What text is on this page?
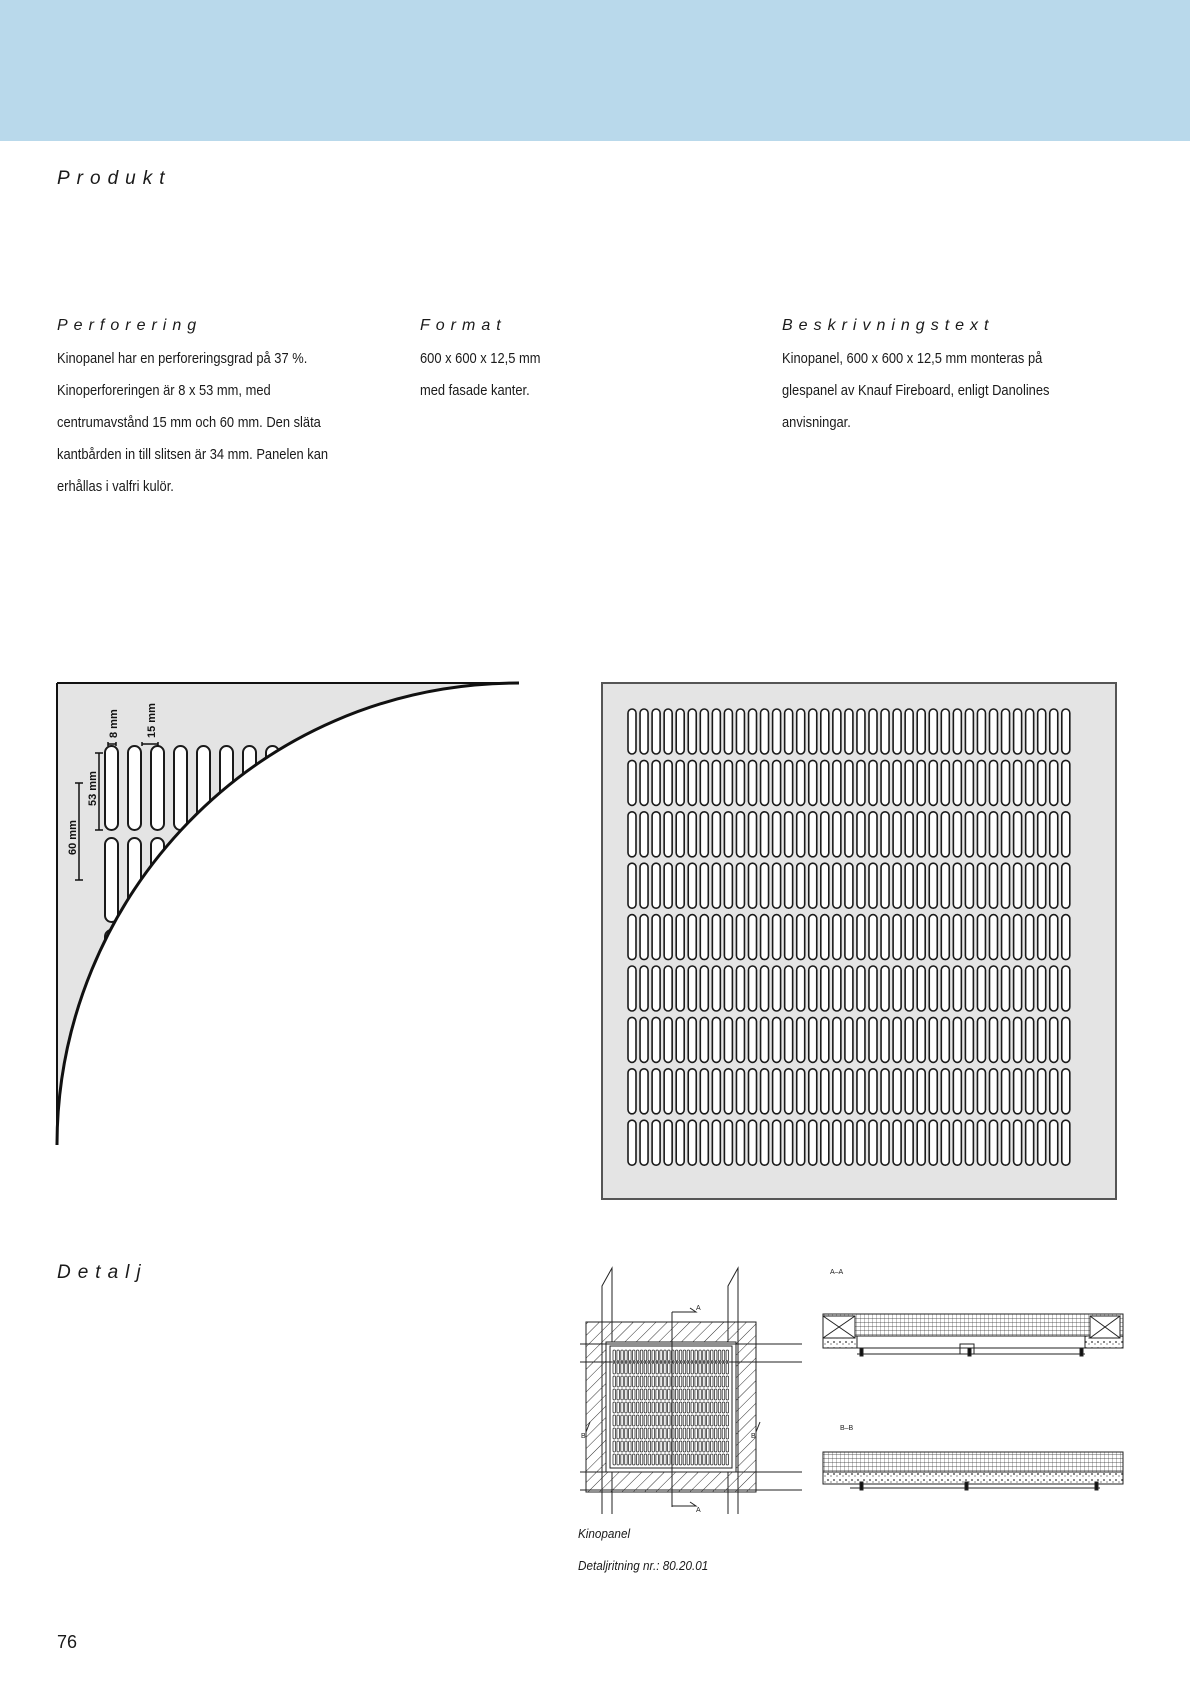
Produkt
Perforering

Kinopanel har en perforeringsgrad på 37 %. Kinoperforeringen är 8 x 53 mm, med centrumavstånd 15 mm och 60 mm. Den släta kantbården in till slitsen är 34 mm. Panelen kan erhållas i valfri kulör.

Format

600 x 600 x 12,5 mm med fasade kanter.

Beskrivningstext

Kinopanel, 600 x 600 x 12,5 mm monteras på glespanel av Knauf Fireboard, enligt Danolines anvisningar.

8 mm 15 mm
53 mm
60 mm
Detalj
A
A
B	B
A–A
B–B
Kinopanel
Detaljritning nr.: 80.20.01
76
